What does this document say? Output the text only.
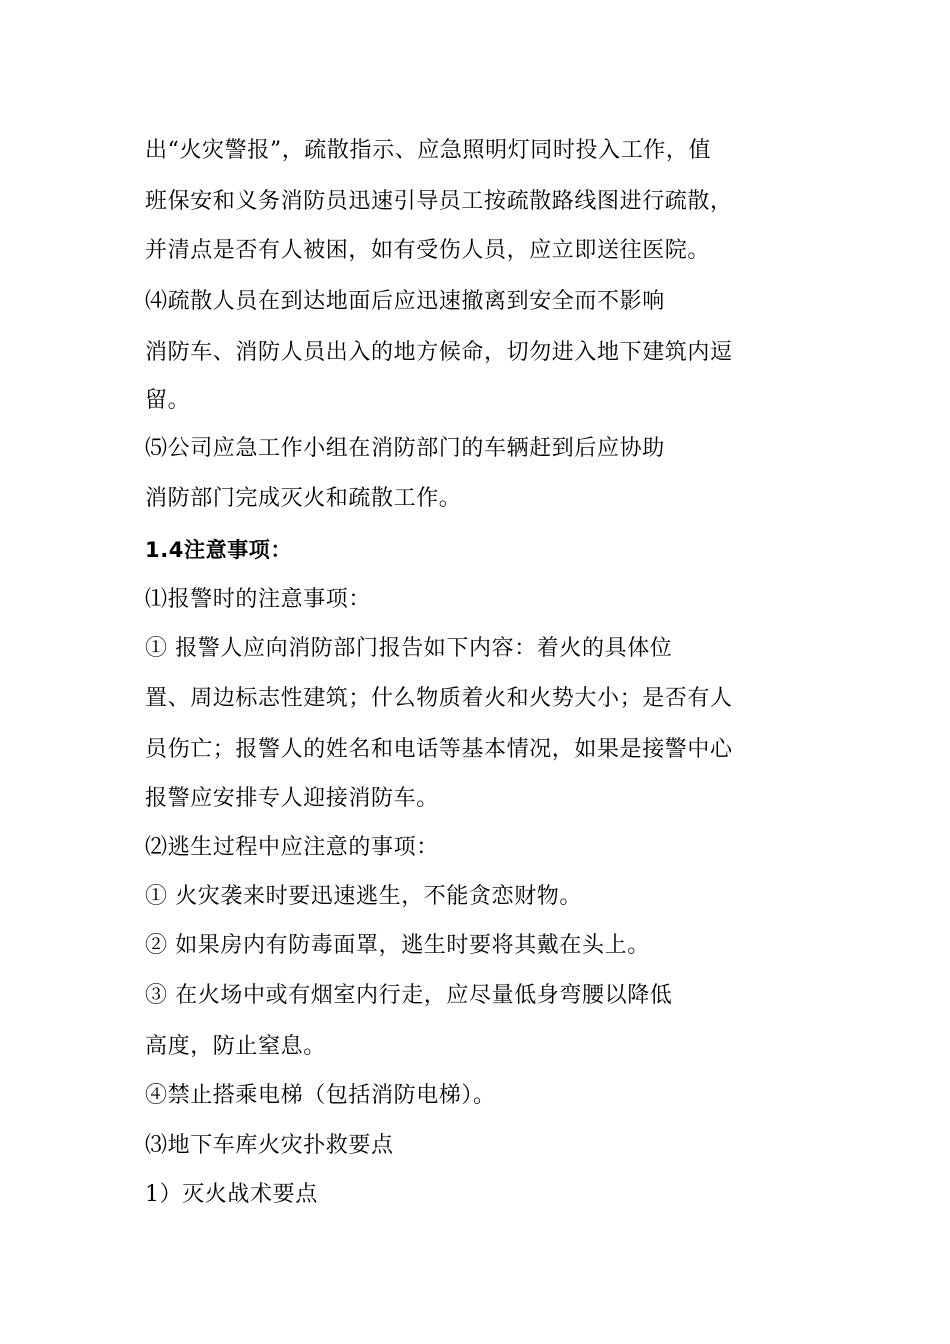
出“火灾警报”，疏散指示、应急照明灯同时投入工作，值
班保安和义务消防员迅速引导员工按疏散路线图进行疏散，
并清点是否有人被困，如有受伤人员，应立即送往医院。
⑷疏散人员在到达地面后应迅速撤离到安全而不影响
消防车、消防人员出入的地方候命，切勿进入地下建筑内逗
留。
⑸公司应急工作小组在消防部门的车辆赶到后应协助
消防部门完成灭火和疏散工作。
1.4注意事项：
⑴报警时的注意事项：
① 报警人应向消防部门报告如下内容：着火的具体位
置、周边标志性建筑；什么物质着火和火势大小；是否有人
员伤亡；报警人的姓名和电话等基本情况，如果是接警中心
报警应安排专人迎接消防车。
⑵逃生过程中应注意的事项：
① 火灾袭来时要迅速逃生，不能贪恋财物。
② 如果房内有防毒面罩，逃生时要将其戴在头上。
③ 在火场中或有烟室内行走，应尽量低身弯腰以降低
高度，防止窒息。
④禁止搭乘电梯（包括消防电梯）。
⑶地下车库火灾扑救要点
1）灭火战术要点
